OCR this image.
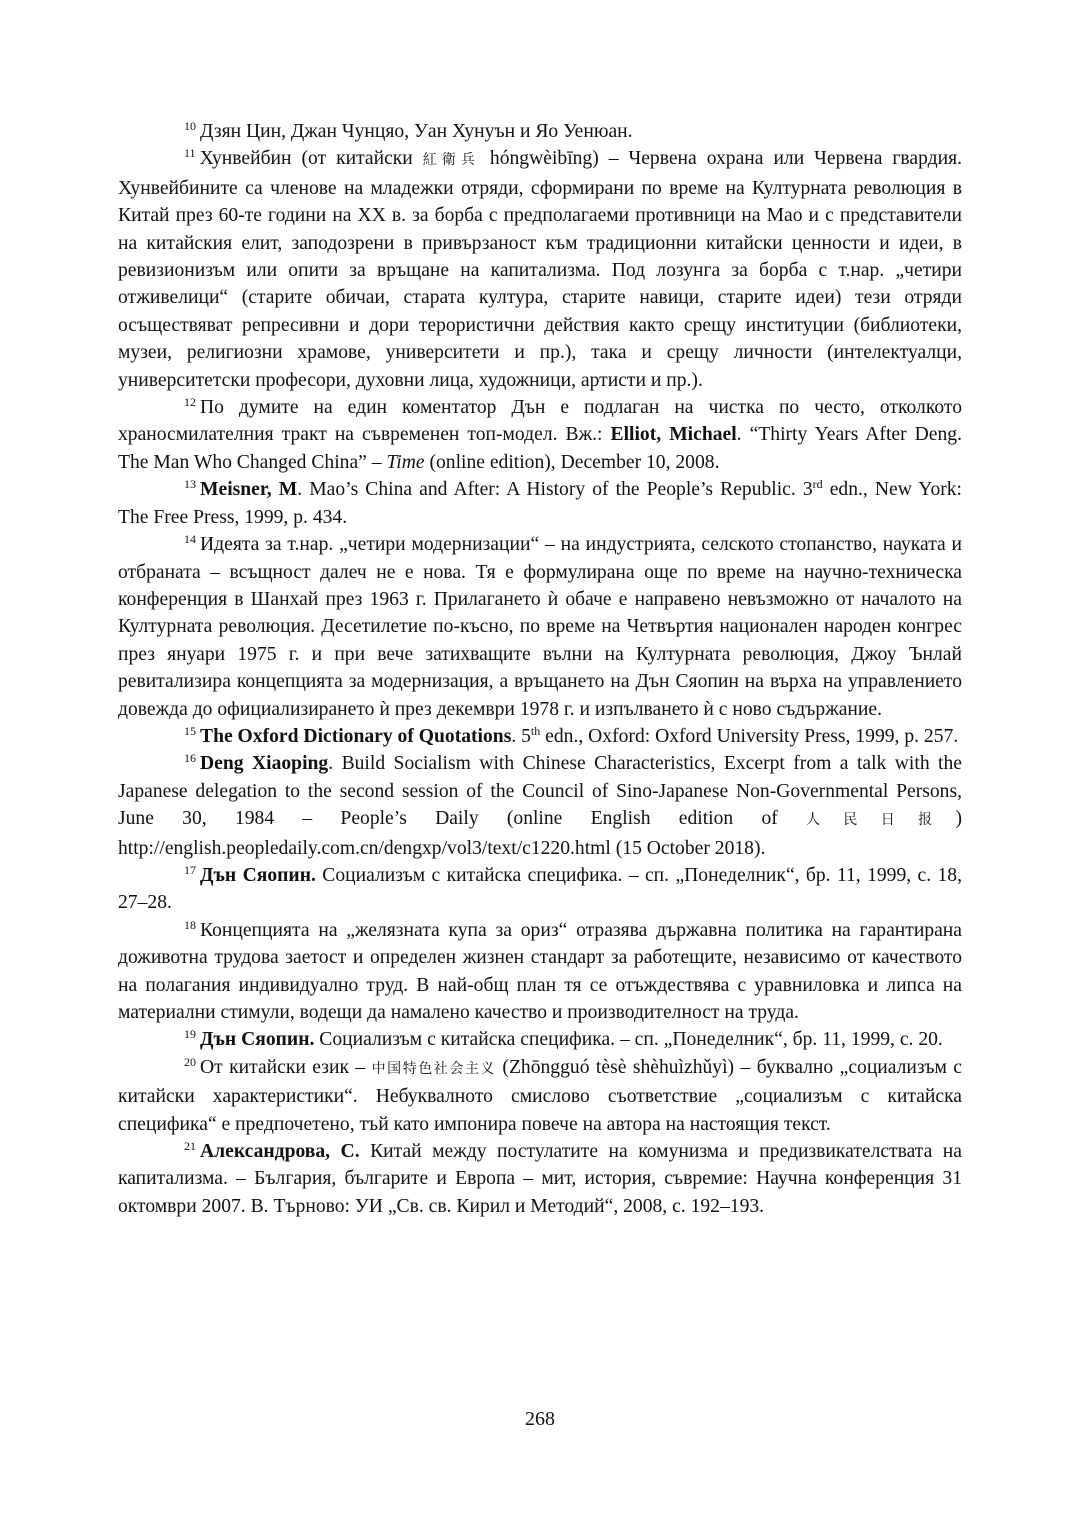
$^{10}$ Дзян Цин, Джан Чунцяо, Уан Хунуън и Яо Уенюан.

$^{11}$ Хунвейбин (от китайски 紅衛兵 hóngwèibīng) – Червена охрана или Червена гвардия. Хунвейбините са членове на младежки отряди, сформирани по време на Културната революция в Китай през 60-те години на ХХ в. за борба с предполагаеми противници на Мао и с представители на китайския елит, заподозрени в привързаност към традиционни китайски ценности и идеи, в ревизионизъм или опити за връщане на капитализма. Под лозунга за борба с т.нар. „четири отживелици“ (старите обичаи, старата култура, старите навици, старите идеи) тези отряди осъществяват репресивни и дори терористични действия както срещу институции (библиотеки, музеи, религиозни храмове, университети и пр.), така и срещу личности (интелектуалци, университетски професори, духовни лица, художници, артисти и пр.).

$^{12}$ По думите на един коментатор Дън е подлаган на чистка по често, отколкото храносмилателния тракт на съвременен топ-модел. Вж.: Elliot, Michael. “Thirty Years After Deng. The Man Who Changed China” – Time (online edition), December 10, 2008.

$^{13}$ Meisner, M. Mao’s China and After: A History of the People’s Republic. 3rd edn., New York: The Free Press, 1999, p. 434.

$^{14}$ Идеята за т.нар. „четири модернизации“ – на индустрията, селското стопанство, науката и отбраната – всъщност далеч не е нова. Тя е формулирана още по време на научно-техническа конференция в Шанхай през 1963 г. Прилагането ѝ обаче е направено невъзможно от началото на Културната революция. Десетилетие по-късно, по време на Четвъртия национален народен конгрес през януари 1975 г. и при вече затихващите вълни на Културната революция, Джоу Ънлай ревитализира концепцията за модернизация, а връщането на Дън Сяопин на върха на управлението довежда до официализирането ѝ през декември 1978 г. и изпълването ѝ с ново съдържание.

$^{15}$ The Oxford Dictionary of Quotations. 5th edn., Oxford: Oxford University Press, 1999, p. 257.

$^{16}$ Deng Xiaoping. Build Socialism with Chinese Characteristics, Excerpt from a talk with the Japanese delegation to the second session of the Council of Sino-Japanese Non-Governmental Persons, June 30, 1984 – People’s Daily (online English edition of 人民日报) http://english.peopledaily.com.cn/dengxp/vol3/text/c1220.html (15 October 2018).

$^{17}$ Дън Сяопин. Социализъм с китайска специфика. – сп. „Понеделник“, бр. 11, 1999, с. 18, 27–28.

$^{18}$ Концепцията на „желязната купа за ориз“ отразява държавна политика на гарантирана доживотна трудова заетост и определен жизнен стандарт за работещите, независимо от качеството на полагания индивидуално труд. В най-общ план тя се отъждествява с уравниловка и липса на материални стимули, водещи да намалено качество и производителност на труда.

$^{19}$ Дън Сяопин. Социализъм с китайска специфика. – сп. „Понеделник“, бр. 11, 1999, с. 20.

$^{20}$ От китайски език – 中国特色社会主义 (Zhōngguó tèsè shèhuìzhǔyì) – буквално „социализъм с китайски характеристики“. Небуквалното смислово съответствие „социализъм с китайска специфика“ е предпочетено, тъй като импонира повече на автора на настоящия текст.

$^{21}$ Александрова, С. Китай между постулатите на комунизма и предизвикателствата на капитализма. – България, българите и Европа – мит, история, съвремие: Научна конференция 31 октомври 2007. В. Търново: УИ „Св. св. Кирил и Методий“, 2008, с. 192–193.

268
